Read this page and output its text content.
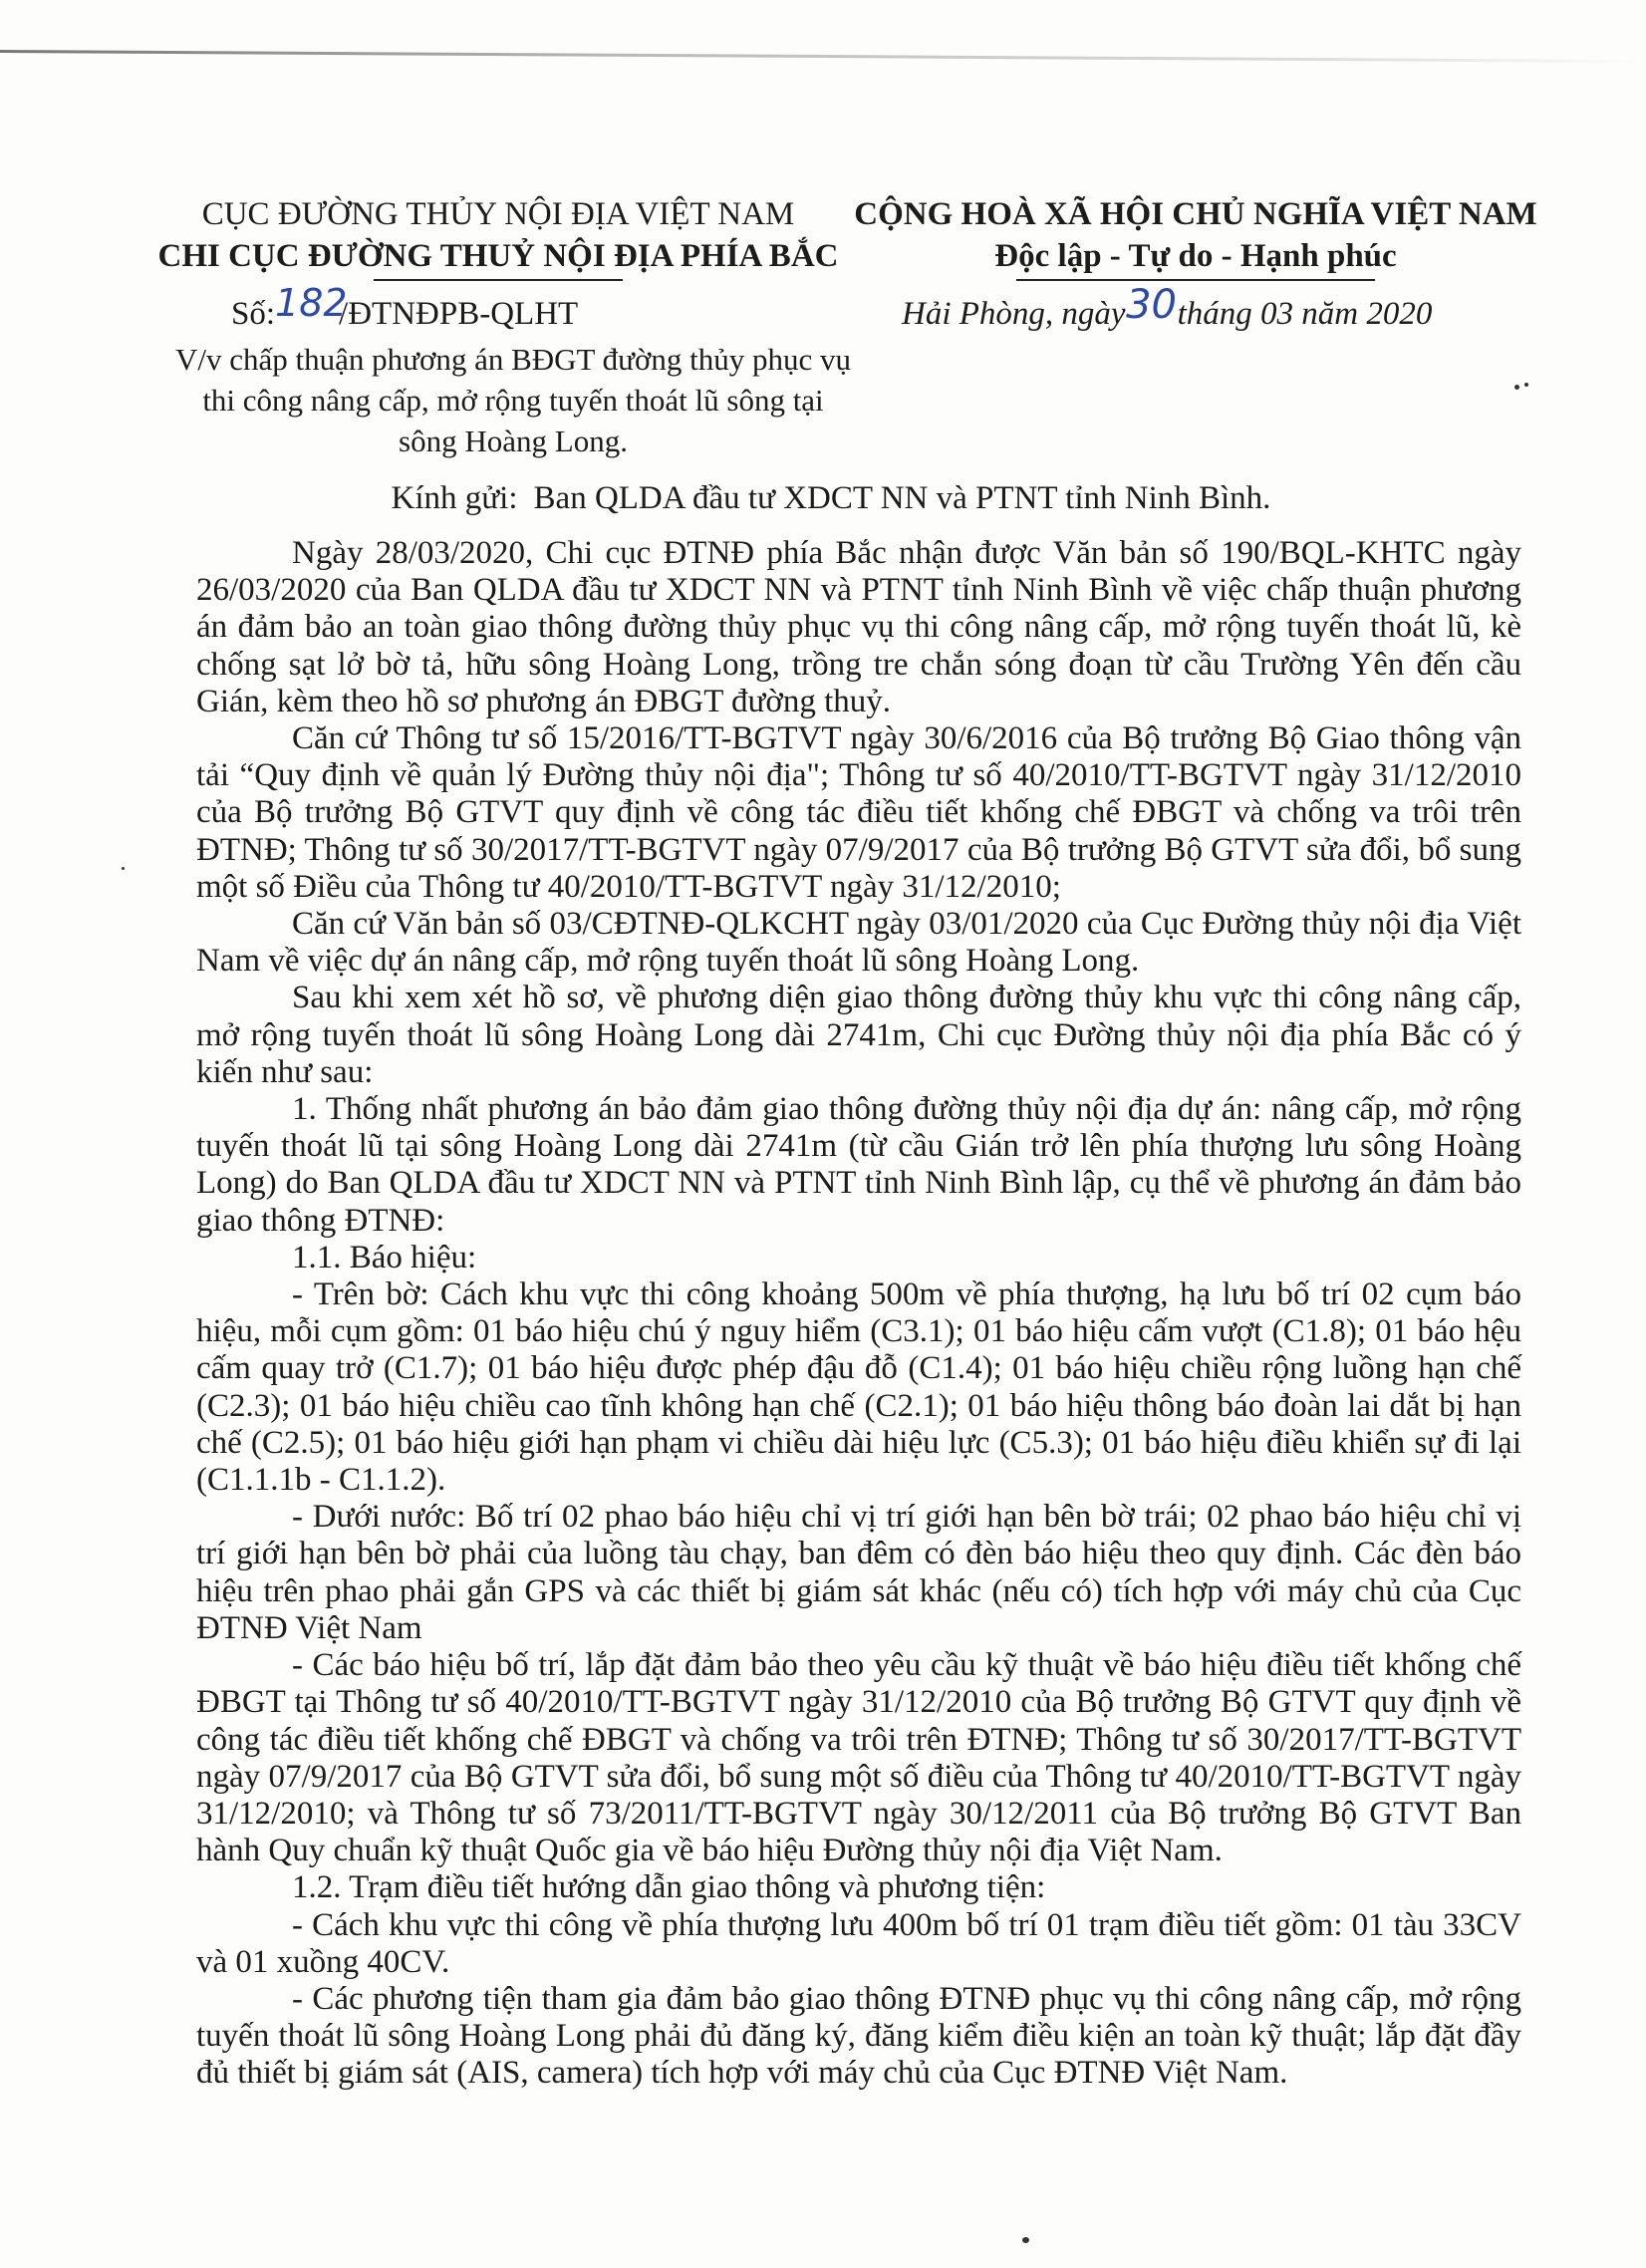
CỤC ĐƯỜNG THỦY NỘI ĐỊA VIỆT NAM
CHI CỤC ĐƯỜNG THUỶ NỘI ĐỊA PHÍA BẮC
CỘNG HOÀ XÃ HỘI CHỦ NGHĨA VIỆT NAM
Độc lập - Tự do - Hạnh phúc
Số:182/ĐTNĐPB-QLHT	Hải Phòng, ngày30tháng 03 năm 2020
V/v chấp thuận phương án BĐGT đường thủy phục vụ
thi công nâng cấp, mở rộng tuyến thoát lũ sông tại
sông Hoàng Long.
Kính gửi: Ban QLDA đầu tư XDCT NN và PTNT tỉnh Ninh Bình.

Ngày 28/03/2020, Chi cục ĐTNĐ phía Bắc nhận được Văn bản số 190/BQL-KHTC ngày 26/03/2020 của Ban QLDA đầu tư XDCT NN và PTNT tỉnh Ninh Bình về việc chấp thuận phương án đảm bảo an toàn giao thông đường thủy phục vụ thi công nâng cấp, mở rộng tuyến thoát lũ, kè chống sạt lở bờ tả, hữu sông Hoàng Long, trồng tre chắn sóng đoạn từ cầu Trường Yên đến cầu Gián, kèm theo hồ sơ phương án ĐBGT đường thuỷ.

Căn cứ Thông tư số 15/2016/TT-BGTVT ngày 30/6/2016 của Bộ trưởng Bộ Giao thông vận tải “Quy định về quản lý Đường thủy nội địa"; Thông tư số 40/2010/TT-BGTVT ngày 31/12/2010 của Bộ trưởng Bộ GTVT quy định về công tác điều tiết khống chế ĐBGT và chống va trôi trên ĐTNĐ; Thông tư số 30/2017/TT-BGTVT ngày 07/9/2017 của Bộ trưởng Bộ GTVT sửa đổi, bổ sung một số Điều của Thông tư 40/2010/TT-BGTVT ngày 31/12/2010;

Căn cứ Văn bản số 03/CĐTNĐ-QLKCHT ngày 03/01/2020 của Cục Đường thủy nội địa Việt Nam về việc dự án nâng cấp, mở rộng tuyến thoát lũ sông Hoàng Long.

Sau khi xem xét hồ sơ, về phương diện giao thông đường thủy khu vực thi công nâng cấp, mở rộng tuyến thoát lũ sông Hoàng Long dài 2741m, Chi cục Đường thủy nội địa phía Bắc có ý kiến như sau:

1. Thống nhất phương án bảo đảm giao thông đường thủy nội địa dự án: nâng cấp, mở rộng tuyến thoát lũ tại sông Hoàng Long dài 2741m (từ cầu Gián trở lên phía thượng lưu sông Hoàng Long) do Ban QLDA đầu tư XDCT NN và PTNT tỉnh Ninh Bình lập, cụ thể về phương án đảm bảo giao thông ĐTNĐ:

1.1. Báo hiệu:

- Trên bờ: Cách khu vực thi công khoảng 500m về phía thượng, hạ lưu bố trí 02 cụm báo hiệu, mỗi cụm gồm: 01 báo hiệu chú ý nguy hiểm (C3.1); 01 báo hiệu cấm vượt (C1.8); 01 báo hệu cấm quay trở (C1.7); 01 báo hiệu được phép đậu đỗ (C1.4); 01 báo hiệu chiều rộng luồng hạn chế (C2.3); 01 báo hiệu chiều cao tĩnh không hạn chế (C2.1); 01 báo hiệu thông báo đoàn lai dắt bị hạn chế (C2.5); 01 báo hiệu giới hạn phạm vi chiều dài hiệu lực (C5.3); 01 báo hiệu điều khiển sự đi lại (C1.1.1b - C1.1.2).

- Dưới nước: Bố trí 02 phao báo hiệu chỉ vị trí giới hạn bên bờ trái; 02 phao báo hiệu chỉ vị trí giới hạn bên bờ phải của luồng tàu chạy, ban đêm có đèn báo hiệu theo quy định. Các đèn báo hiệu trên phao phải gắn GPS và các thiết bị giám sát khác (nếu có) tích hợp với máy chủ của Cục ĐTNĐ Việt Nam

- Các báo hiệu bố trí, lắp đặt đảm bảo theo yêu cầu kỹ thuật về báo hiệu điều tiết khống chế ĐBGT tại Thông tư số 40/2010/TT-BGTVT ngày 31/12/2010 của Bộ trưởng Bộ GTVT quy định về công tác điều tiết khống chế ĐBGT và chống va trôi trên ĐTNĐ; Thông tư số 30/2017/TT-BGTVT ngày 07/9/2017 của Bộ GTVT sửa đổi, bổ sung một số điều của Thông tư 40/2010/TT-BGTVT ngày 31/12/2010; và Thông tư số 73/2011/TT-BGTVT ngày 30/12/2011 của Bộ trưởng Bộ GTVT Ban hành Quy chuẩn kỹ thuật Quốc gia về báo hiệu Đường thủy nội địa Việt Nam.

1.2. Trạm điều tiết hướng dẫn giao thông và phương tiện:

- Cách khu vực thi công về phía thượng lưu 400m bố trí 01 trạm điều tiết gồm: 01 tàu 33CV và 01 xuồng 40CV.

- Các phương tiện tham gia đảm bảo giao thông ĐTNĐ phục vụ thi công nâng cấp, mở rộng tuyến thoát lũ sông Hoàng Long phải đủ đăng ký, đăng kiểm điều kiện an toàn kỹ thuật; lắp đặt đầy đủ thiết bị giám sát (AIS, camera) tích hợp với máy chủ của Cục ĐTNĐ Việt Nam.
